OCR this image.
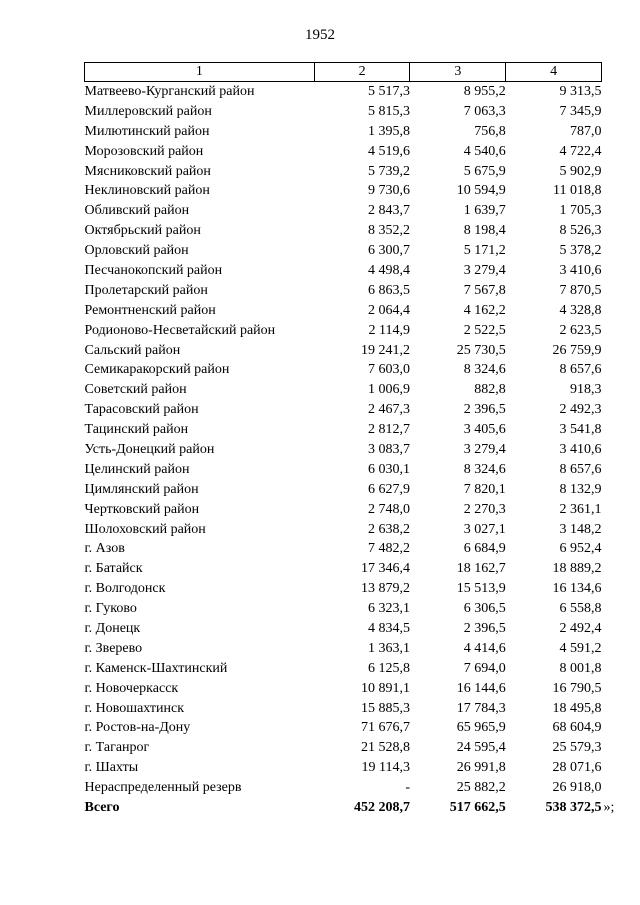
1952
1	2	3	4
Матвеево-Курганский район	5 517,3	8 955,2	9 313,5
Миллеровский район	5 815,3	7 063,3	7 345,9
Милютинский район	1 395,8	756,8	787,0
Морозовский район	4 519,6	4 540,6	4 722,4
Мясниковский район	5 739,2	5 675,9	5 902,9
Неклиновский район	9 730,6	10 594,9	11 018,8
Обливский район	2 843,7	1 639,7	1 705,3
Октябрьский район	8 352,2	8 198,4	8 526,3
Орловский район	6 300,7	5 171,2	5 378,2
Песчанокопский район	4 498,4	3 279,4	3 410,6
Пролетарский район	6 863,5	7 567,8	7 870,5
Ремонтненский район	2 064,4	4 162,2	4 328,8
Родионово-Несветайский район	2 114,9	2 522,5	2 623,5
Сальский район	19 241,2	25 730,5	26 759,9
Семикаракорский район	7 603,0	8 324,6	8 657,6
Советский район	1 006,9	882,8	918,3
Тарасовский район	2 467,3	2 396,5	2 492,3
Тацинский район	2 812,7	3 405,6	3 541,8
Усть-Донецкий район	3 083,7	3 279,4	3 410,6
Целинский район	6 030,1	8 324,6	8 657,6
Цимлянский район	6 627,9	7 820,1	8 132,9
Чертковский район	2 748,0	2 270,3	2 361,1
Шолоховский район	2 638,2	3 027,1	3 148,2
г. Азов	7 482,2	6 684,9	6 952,4
г. Батайск	17 346,4	18 162,7	18 889,2
г. Волгодонск	13 879,2	15 513,9	16 134,6
г. Гуково	6 323,1	6 306,5	6 558,8
г. Донецк	4 834,5	2 396,5	2 492,4
г. Зверево	1 363,1	4 414,6	4 591,2
г. Каменск-Шахтинский	6 125,8	7 694,0	8 001,8
г. Новочеркасск	10 891,1	16 144,6	16 790,5
г. Новошахтинск	15 885,3	17 784,3	18 495,8
г. Ростов-на-Дону	71 676,7	65 965,9	68 604,9
г. Таганрог	21 528,8	24 595,4	25 579,3
г. Шахты	19 114,3	26 991,8	28 071,6
Нераспределенный резерв	-	25 882,2	26 918,0
Всего	452 208,7	517 662,5	538 372,5 »;
